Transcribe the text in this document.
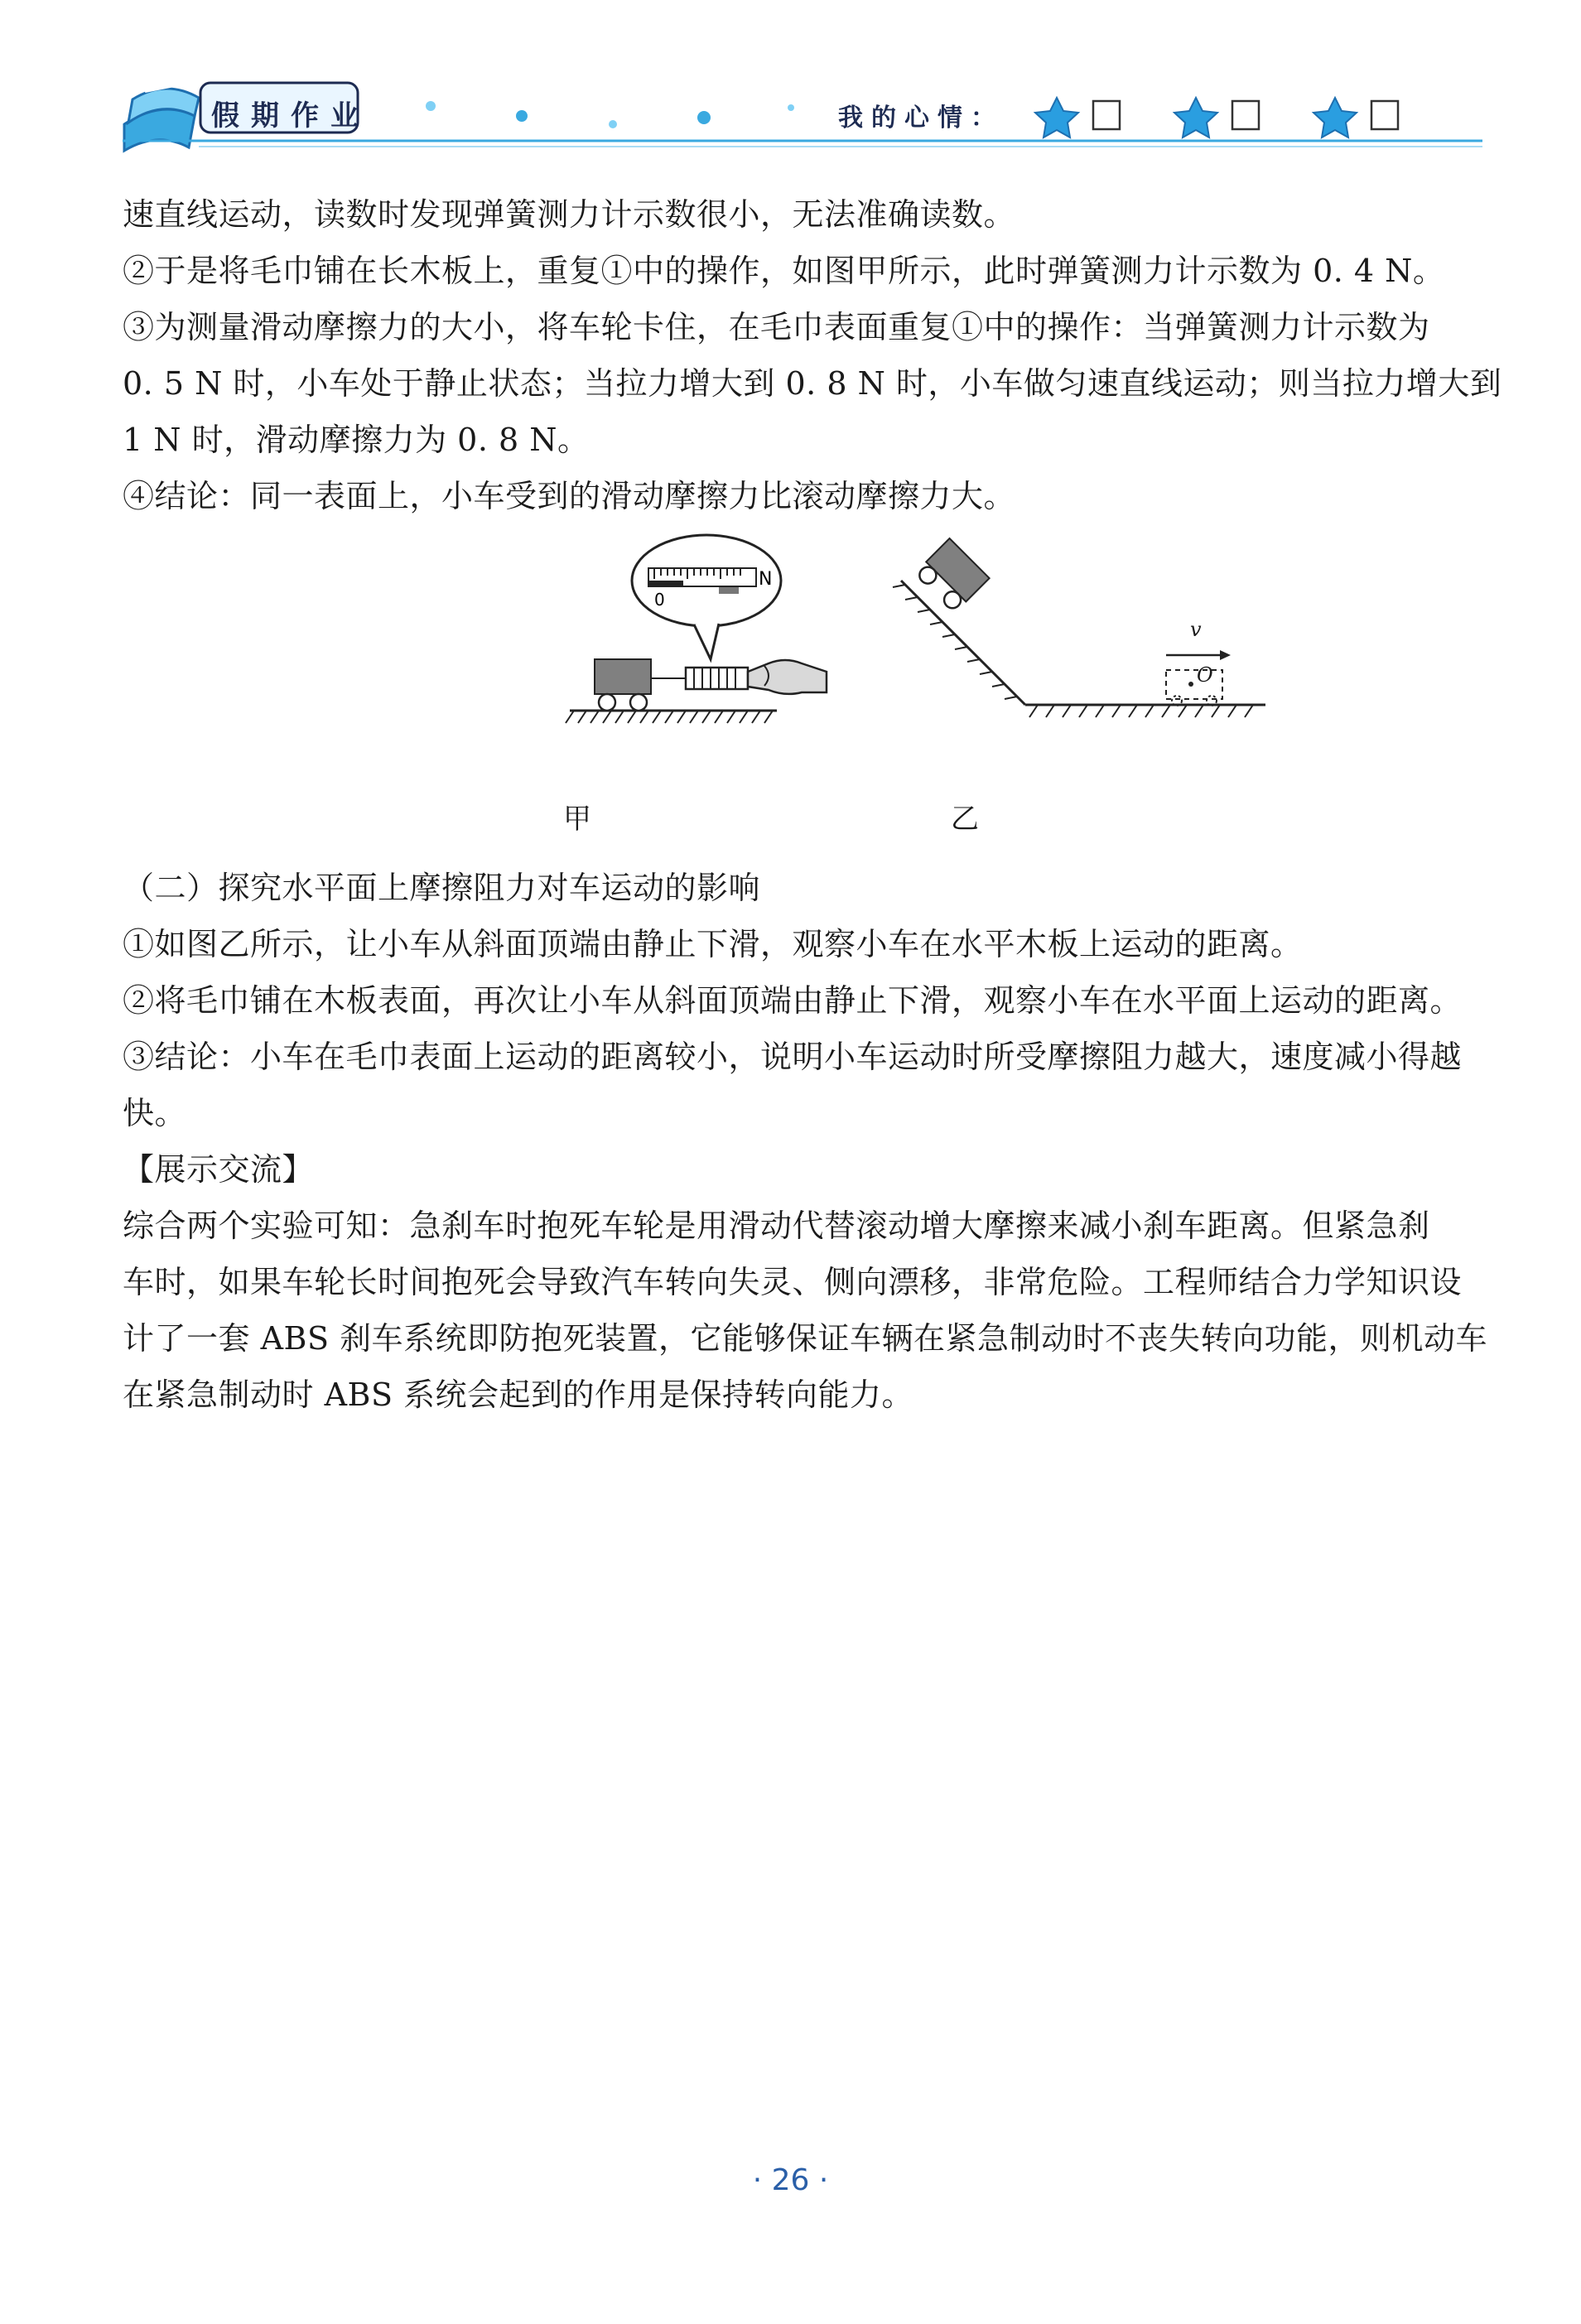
假期作业	我的心情：
速直线运动，读数时发现弹簧测力计示数很小，无法准确读数。
②于是将毛巾铺在长木板上，重复①中的操作，如图甲所示，此时弹簧测力计示数为 0. 4 N。
③为测量滑动摩擦力的大小，将车轮卡住，在毛巾表面重复①中的操作：当弹簧测力计示数为
0. 5 N 时，小车处于静止状态；当拉力增大到 0. 8 N 时，小车做匀速直线运动；则当拉力增大到
1 N 时，滑动摩擦力为 0. 8 N。
④结论：同一表面上，小车受到的滑动摩擦力比滚动摩擦力大。
0
N
v
O
甲	乙
（二）探究水平面上摩擦阻力对车运动的影响
①如图乙所示，让小车从斜面顶端由静止下滑，观察小车在水平木板上运动的距离。
②将毛巾铺在木板表面，再次让小车从斜面顶端由静止下滑，观察小车在水平面上运动的距离。
③结论：小车在毛巾表面上运动的距离较小，说明小车运动时所受摩擦阻力越大，速度减小得越
快。
【展示交流】
综合两个实验可知：急刹车时抱死车轮是用滑动代替滚动增大摩擦来减小刹车距离。但紧急刹
车时，如果车轮长时间抱死会导致汽车转向失灵、侧向漂移，非常危险。工程师结合力学知识设
计了一套 ABS 刹车系统即防抱死装置，它能够保证车辆在紧急制动时不丧失转向功能，则机动车
在紧急制动时 ABS 系统会起到的作用是保持转向能力。
· 26 ·
